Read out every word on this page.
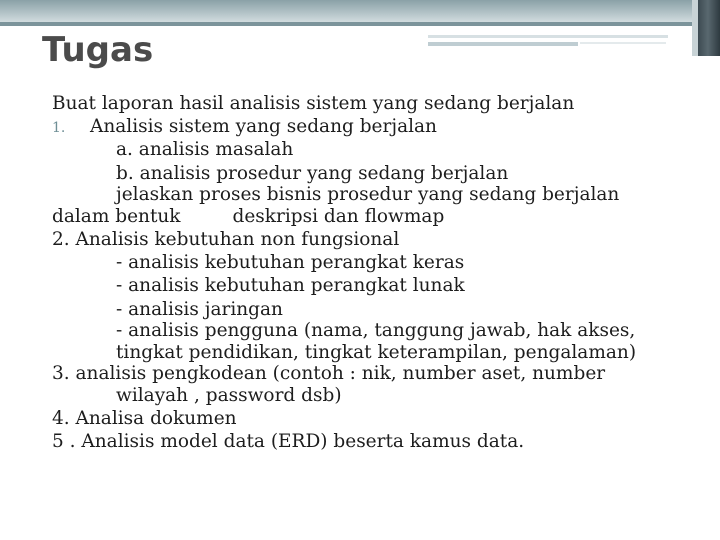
Tugas
Buat laporan hasil analisis sistem yang sedang berjalan
1. Analisis sistem yang sedang berjalan
a. analisis masalah
b. analisis prosedur yang sedang berjalan
jelaskan proses bisnis prosedur yang sedang berjalan
dalam bentuk	deskripsi dan flowmap
2. Analisis kebutuhan non fungsional
- analisis kebutuhan perangkat keras
- analisis kebutuhan perangkat lunak
- analisis jaringan
- analisis pengguna (nama, tanggung jawab, hak akses,
tingkat pendidikan, tingkat keterampilan, pengalaman)
3. analisis pengkodean (contoh : nik, number aset, number
wilayah , password dsb)
4. Analisa dokumen
5 . Analisis model data (ERD) beserta kamus data.
